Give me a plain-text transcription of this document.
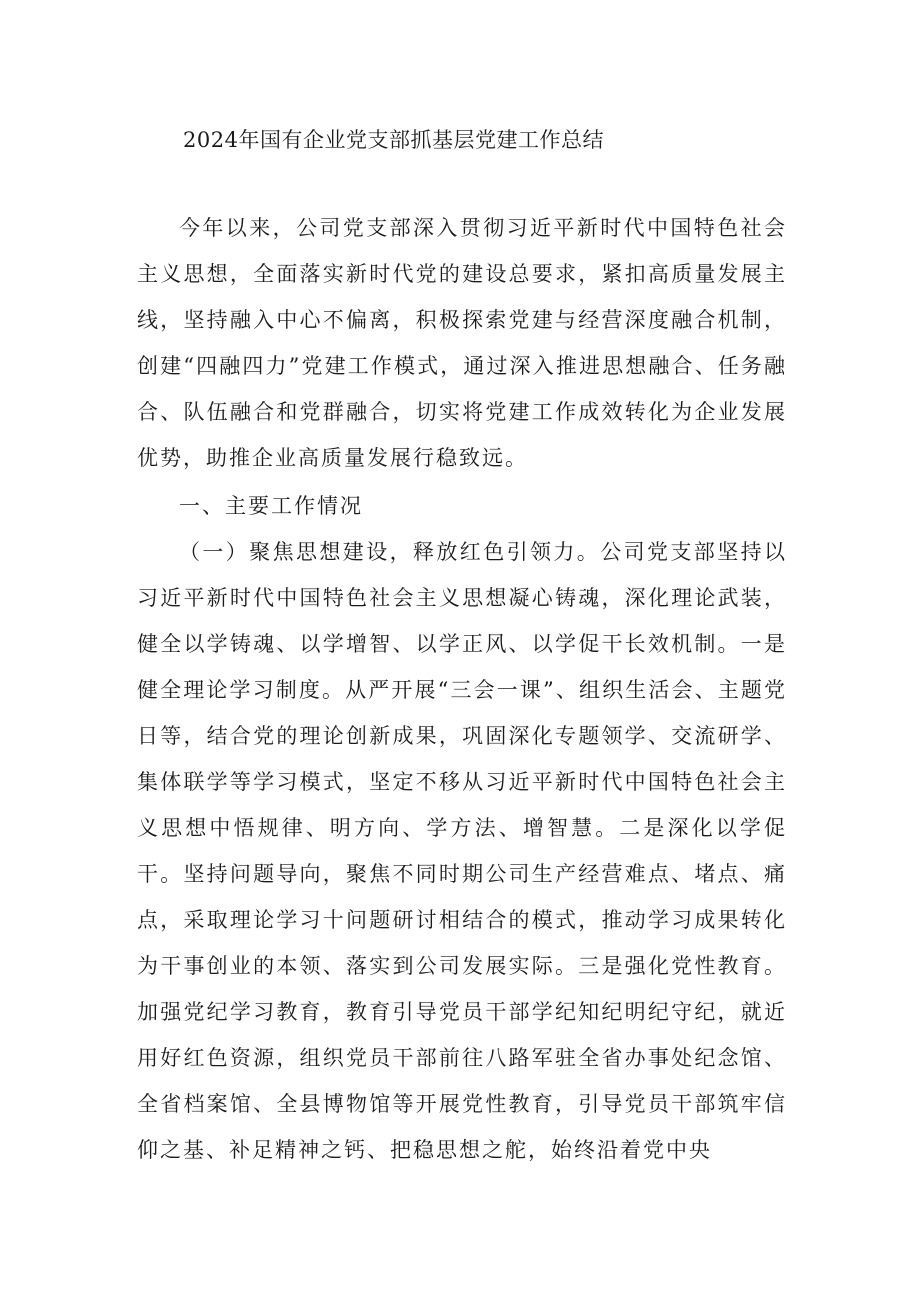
2024年国有企业党支部抓基层党建工作总结

今年以来，公司党支部深入贯彻习近平新时代中国特色社会主义思想，全面落实新时代党的建设总要求，紧扣高质量发展主线，坚持融入中心不偏离，积极探索党建与经营深度融合机制，创建“四融四力”党建工作模式，通过深入推进思想融合、任务融合、队伍融合和党群融合，切实将党建工作成效转化为企业发展优势，助推企业高质量发展行稳致远。

一、主要工作情况

（一）聚焦思想建设，释放红色引领力。公司党支部坚持以习近平新时代中国特色社会主义思想凝心铸魂，深化理论武装，健全以学铸魂、以学增智、以学正风、以学促干长效机制。一是健全理论学习制度。从严开展“三会一课”、组织生活会、主题党日等，结合党的理论创新成果，巩固深化专题领学、交流研学、集体联学等学习模式，坚定不移从习近平新时代中国特色社会主义思想中悟规律、明方向、学方法、增智慧。二是深化以学促干。坚持问题导向，聚焦不同时期公司生产经营难点、堵点、痛点，采取理论学习十问题研讨相结合的模式，推动学习成果转化为干事创业的本领、落实到公司发展实际。三是强化党性教育。加强党纪学习教育，教育引导党员干部学纪知纪明纪守纪，就近用好红色资源，组织党员干部前往八路军驻全省办事处纪念馆、全省档案馆、全县博物馆等开展党性教育，引导党员干部筑牢信仰之基、补足精神之钙、把稳思想之舵，始终沿着党中央
